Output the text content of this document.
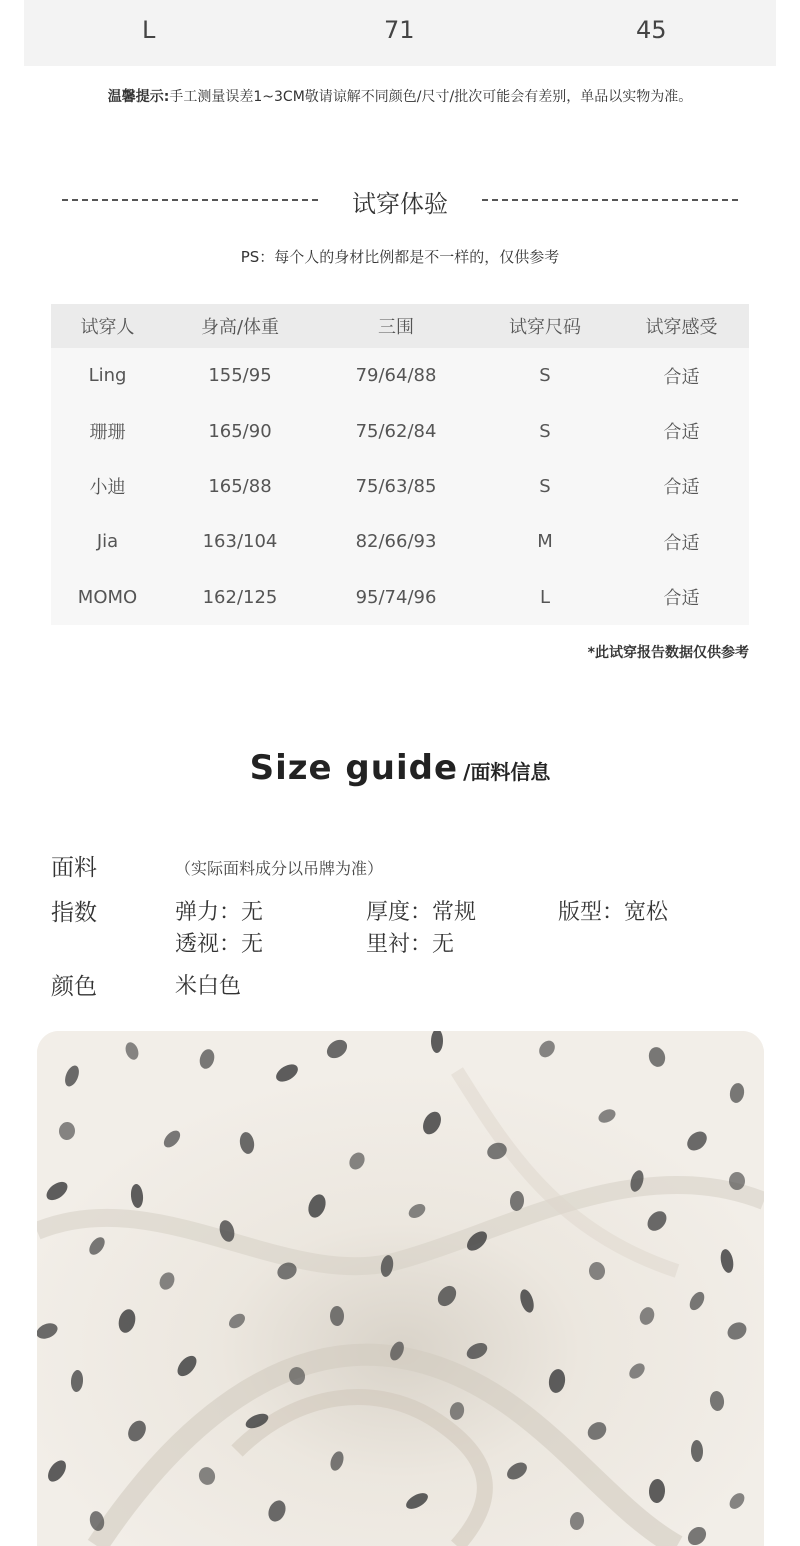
L	71	45
温馨提示:手工测量误差1~3CM敬请谅解不同颜色/尺寸/批次可能会有差别，单品以实物为准。
试穿体验
PS：每个人的身材比例都是不一样的，仅供参考
试穿人	身高/体重	三围	试穿尺码	试穿感受
Ling	155/95	79/64/88	S	合适
珊珊	165/90	75/62/84	S	合适
小迪	165/88	75/63/85	S	合适
Jia	163/104	82/66/93	M	合适
MOMO	162/125	95/74/96	L	合适
*此试穿报告数据仅供参考
Size guide /面料信息
面料	（实际面料成分以吊牌为准）
指数	弹力：无	厚度：常规	版型：宽松
透视：无	里衬：无
颜色	米白色
